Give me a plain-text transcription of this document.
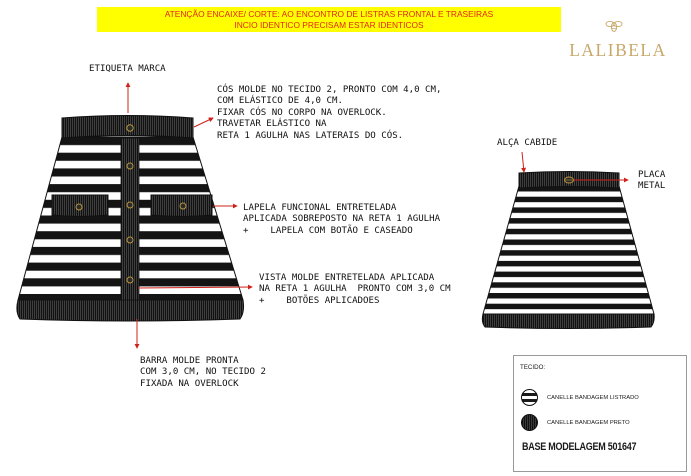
ATENÇÃO ENCAIXE/ CORTE: AO ENCONTRO DE LISTRAS FRONTAL E TRASEIRAS
INCIO IDENTICO PRECISAM ESTAR IDENTICOS
LALIBELA
ETIQUETA MARCA
CÓS MOLDE NO TECIDO 2, PRONTO COM 4,0 CM,
COM ELÁSTICO DE 4,0 CM.
FIXAR CÓS NO CORPO NA OVERLOCK.
TRAVETAR ELÁSTICO NA
RETA 1 AGULHA NAS LATERAIS DO CÓS.
LAPELA FUNCIONAL ENTRETELADA
APLICADA SOBREPOSTO NA RETA 1 AGULHA
+    LAPELA COM BOTÃO E CASEADO
VISTA MOLDE ENTRETELADA APLICADA
NA RETA 1 AGULHA  PRONTO COM 3,0 CM
+    BOTÕES APLICADOES
BARRA MOLDE PRONTA
COM 3,0 CM, NO TECIDO 2
FIXADA NA OVERLOCK
ALÇA CABIDE
PLACA
METAL
TECIDO:
CANELLE BANDAGEM LISTRADO
CANELLE BANDAGEM PRETO
BASE MODELAGEM 501647
